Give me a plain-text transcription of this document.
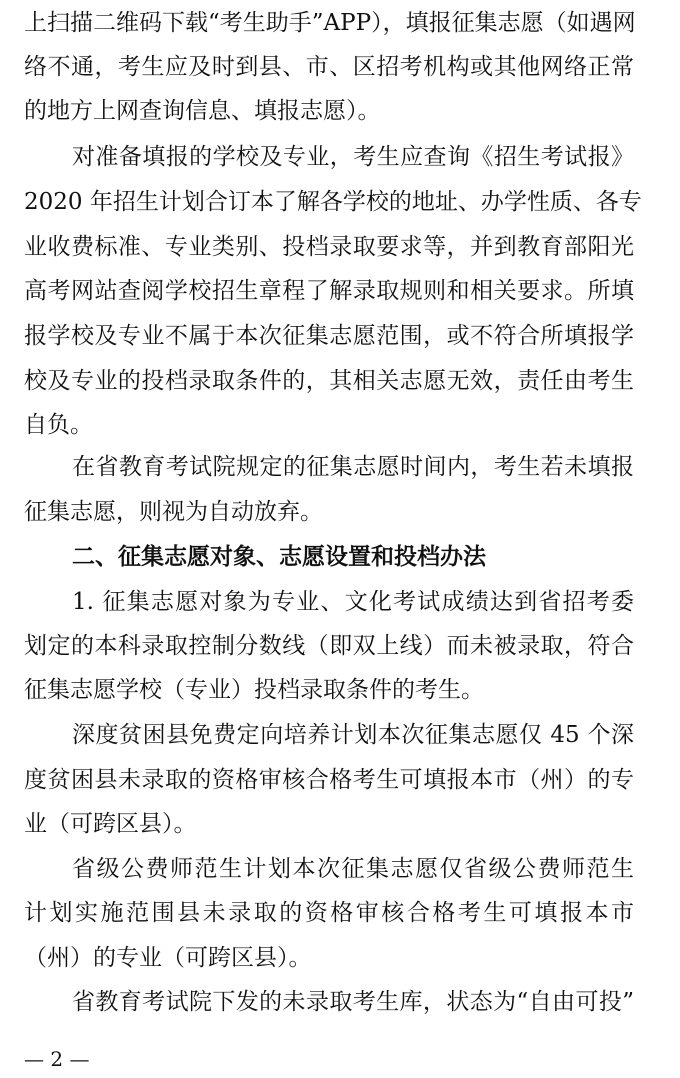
上扫描二维码下载“考生助手”APP），填报征集志愿（如遇网
络不通，考生应及时到县、市、区招考机构或其他网络正常
的地方上网查询信息、填报志愿）。
对准备填报的学校及专业，考生应查询《招生考试报》
2020 年招生计划合订本了解各学校的地址、办学性质、各专
业收费标准、专业类别、投档录取要求等，并到教育部阳光
高考网站查阅学校招生章程了解录取规则和相关要求。所填
报学校及专业不属于本次征集志愿范围，或不符合所填报学
校及专业的投档录取条件的，其相关志愿无效，责任由考生
自负。
在省教育考试院规定的征集志愿时间内，考生若未填报
征集志愿，则视为自动放弃。
二、征集志愿对象、志愿设置和投档办法
1. 征集志愿对象为专业、文化考试成绩达到省招考委
划定的本科录取控制分数线（即双上线）而未被录取，符合
征集志愿学校（专业）投档录取条件的考生。
深度贫困县免费定向培养计划本次征集志愿仅 45 个深
度贫困县未录取的资格审核合格考生可填报本市（州）的专
业（可跨区县）。
省级公费师范生计划本次征集志愿仅省级公费师范生
计划实施范围县未录取的资格审核合格考生可填报本市
（州）的专业（可跨区县）。
省教育考试院下发的未录取考生库，状态为“自由可投”
— 2 —
